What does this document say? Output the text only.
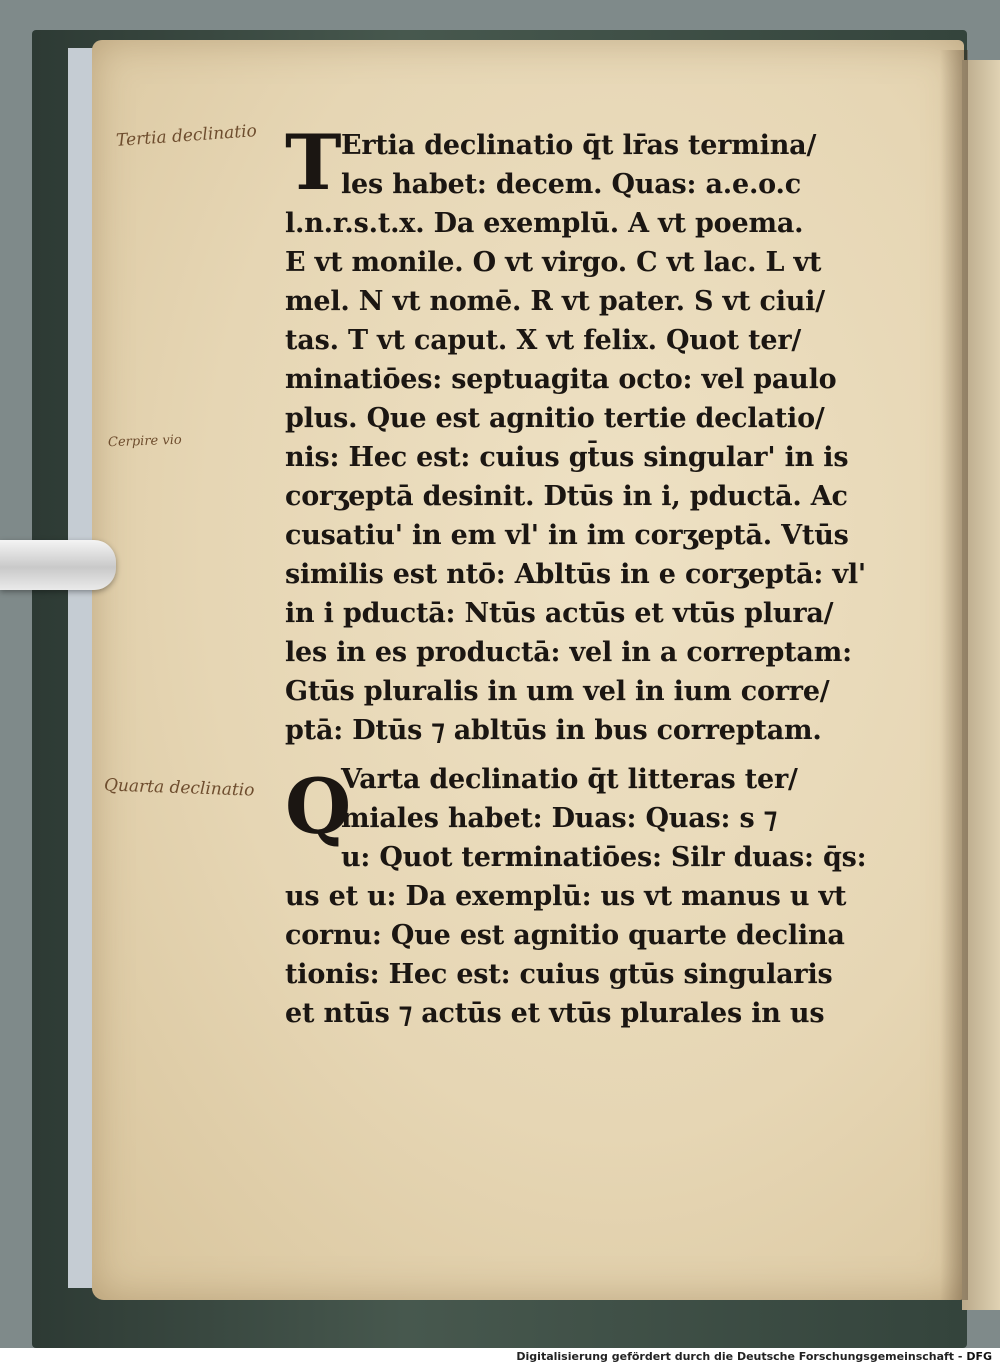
Tertia declinatio
Cerpire vio
Quarta declinatio
T Ertia declinatio q̄t lr̄as termina/
les habet: decem. Quas: a.e.o.c
l.n.r.s.t.x. Da exemplū. A vt poema.
E vt monile. O vt virgo. C vt lac. L vt
mel. N vt nomē. R vt pater. S vt ciui/
tas. T vt caput. X vt felix. Quot ter/
minatiōes: septuagita octo: vel paulo
plus. Que est agnitio tertie declatio/
nis: Hec est: cuius gt̄us singular' in is
corʒeptā desinit. Dtūs in i, pductā. Ac
cusatiu' in em vl' in im corʒeptā. Vtūs
similis est ntō: Abltūs in e corʒeptā: vl'
in i pductā: Ntūs actūs et vtūs plura/
les in es productā: vel in a correptam:
Gtūs pluralis in um vel in ium corre/
ptā: Dtūs ⁊ abltūs in bus correptam.
Q
Varta declinatio q̄t litteras ter/
miales habet: Duas: Quas: s ⁊
u: Quot terminatiōes: Silr duas: q̄s:
us et u: Da exemplū: us vt manus u vt
cornu: Que est agnitio quarte declina
tionis: Hec est: cuius gtūs singularis
et ntūs ⁊ actūs et vtūs plurales in us
Digitalisierung gefördert durch die Deutsche Forschungsgemeinschaft - DFG
